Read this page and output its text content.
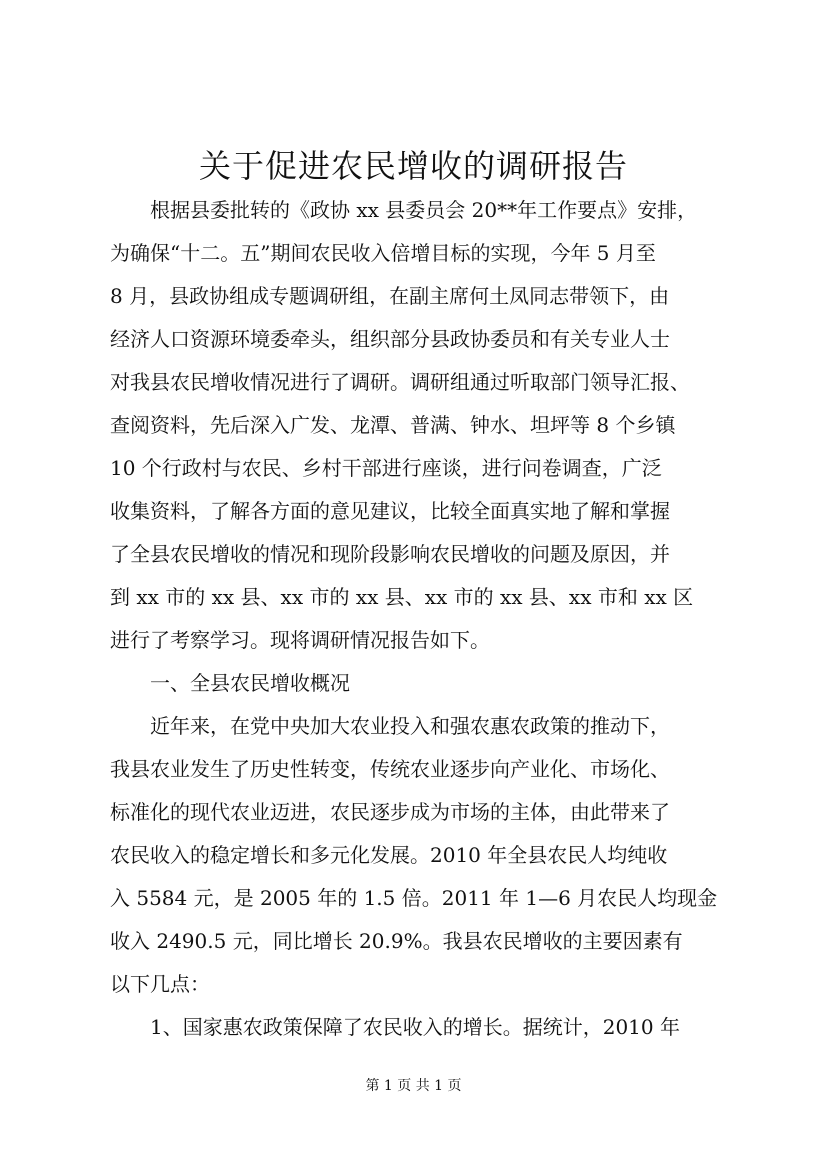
关于促进农民增收的调研报告
　　根据县委批转的《政协 xx 县委员会 20**年工作要点》安排，
为确保“十二。五”期间农民收入倍增目标的实现，今年 5 月至
8 月，县政协组成专题调研组，在副主席何土凤同志带领下，由
经济人口资源环境委牵头，组织部分县政协委员和有关专业人士
对我县农民增收情况进行了调研。调研组通过听取部门领导汇报、
查阅资料，先后深入广发、龙潭、普满、钟水、坦坪等 8 个乡镇
10 个行政村与农民、乡村干部进行座谈，进行问卷调查，广泛
收集资料，了解各方面的意见建议，比较全面真实地了解和掌握
了全县农民增收的情况和现阶段影响农民增收的问题及原因，并
到 xx 市的 xx 县、xx 市的 xx 县、xx 市的 xx 县、xx 市和 xx 区
进行了考察学习。现将调研情况报告如下。
　　一、全县农民增收概况
　　近年来，在党中央加大农业投入和强农惠农政策的推动下，
我县农业发生了历史性转变，传统农业逐步向产业化、市场化、
标准化的现代农业迈进，农民逐步成为市场的主体，由此带来了
农民收入的稳定增长和多元化发展。2010 年全县农民人均纯收
入 5584 元，是 2005 年的 1.5 倍。2011 年 1—6 月农民人均现金
收入 2490.5 元，同比增长 20.9%。我县农民增收的主要因素有
以下几点：
　　1、国家惠农政策保障了农民收入的增长。据统计，2010 年
第 1 页 共 1 页
